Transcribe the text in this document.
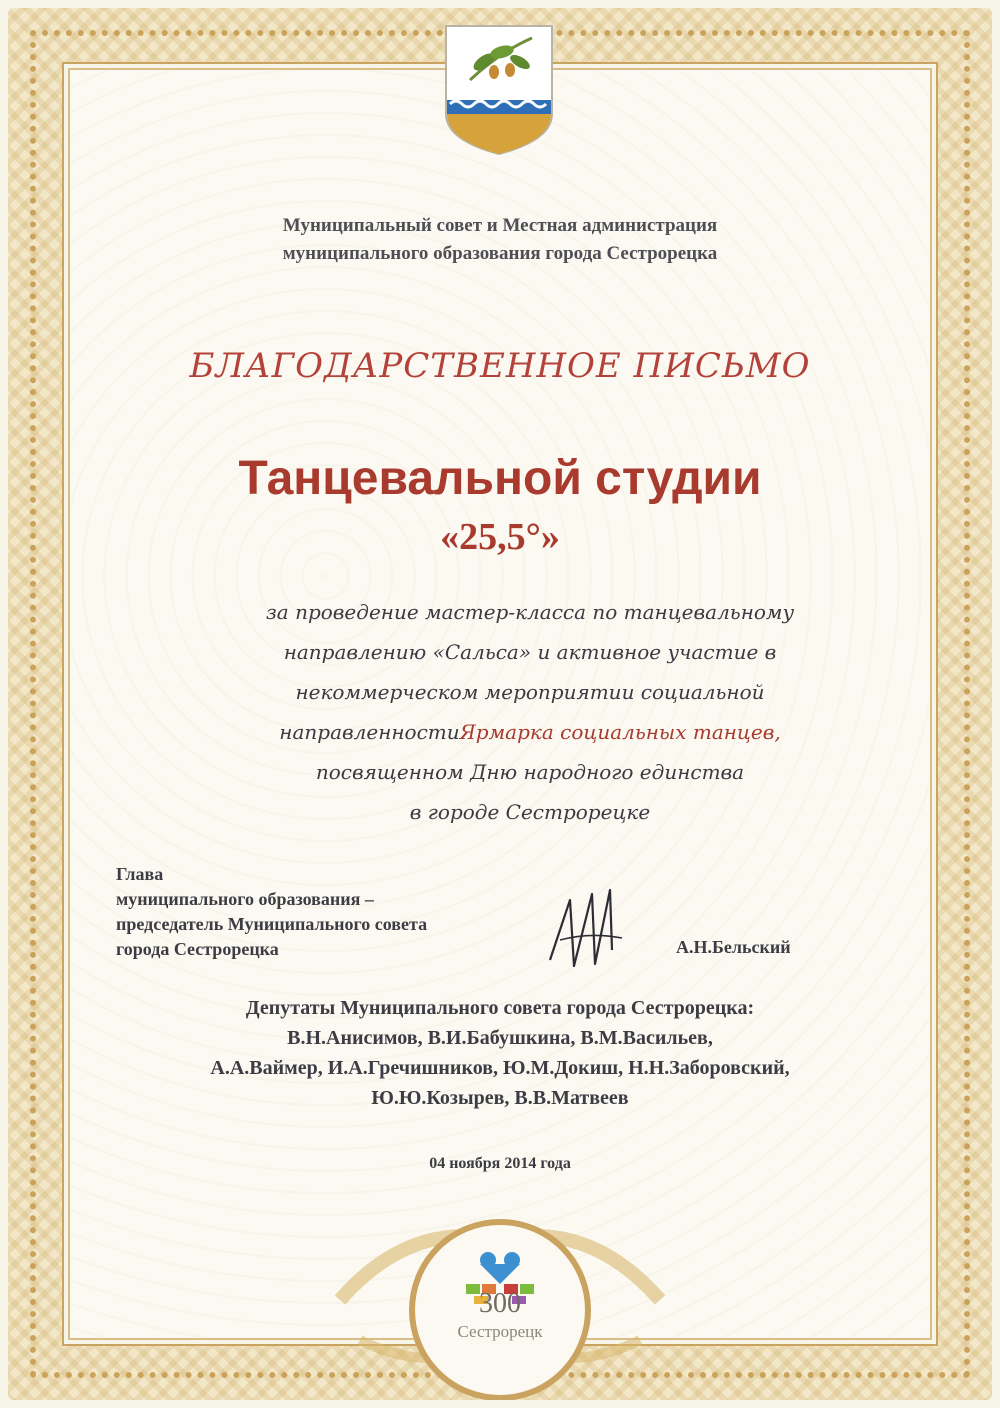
Муниципальный совет и Местная администрация
муниципального образования города Сестрорецка
БЛАГОДАРСТВЕННОЕ ПИСЬМО
Танцевальной студии
«25,5°»
за проведение мастер-класса по танцевальному
направлению «Сальса» и активное участие в
некоммерческом мероприятии социальной
направленностиЯрмарка социальных танцев,
посвященном Дню народного единства
в городе Сестрорецке
Глава
муниципального образования –
председатель Муниципального совета
города Сестрорецка	А.Н.Бельский
Депутаты Муниципального совета города Сестрорецка:
В.Н.Анисимов, В.И.Бабушкина, В.М.Васильев,
А.А.Ваймер, И.А.Гречишников, Ю.М.Докиш, Н.Н.Заборовский,
Ю.Ю.Козырев, В.В.Матвеев
04 ноября 2014 года
300
Сестрорецк
